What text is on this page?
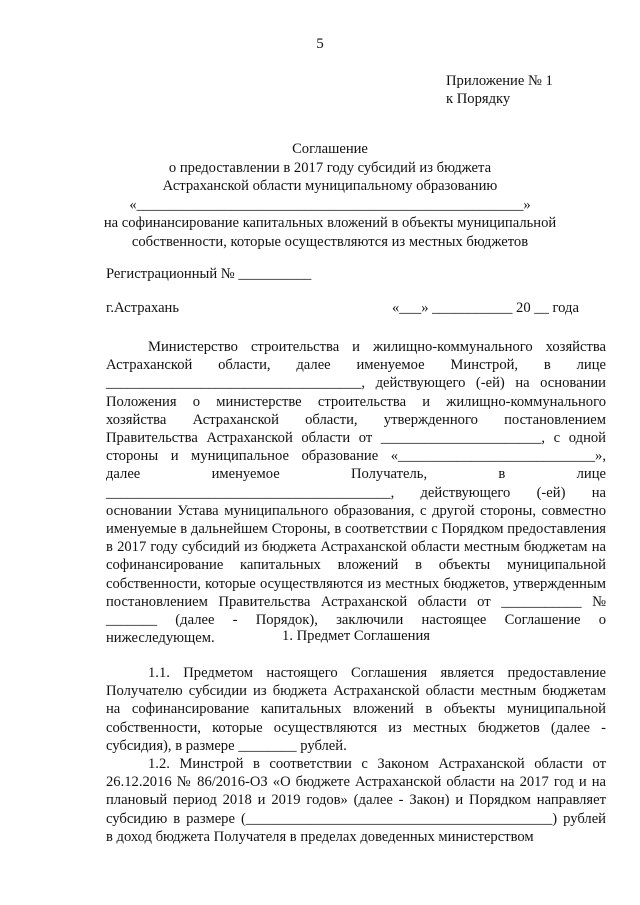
5
Приложение № 1
к Порядку
Соглашение
о предоставлении в 2017 году субсидий из бюджета
Астраханской области муниципальному образованию
«_____________________________________________________»
на софинансирование капитальных вложений в объекты муниципальной
собственности, которые осуществляются из местных бюджетов
Регистрационный № __________
г.Астрахань	«___» ___________ 20 __ года
Министерство строительства и жилищно-коммунального хозяйства Астраханской области, далее именуемое Минстрой, в лице ___________________________________, действующего (-ей) на основании Положения о министерстве строительства и жилищно-коммунального хозяйства Астраханской области, утвержденного постановлением Правительства Астраханской области от ______________________, с одной стороны и муниципальное образование «___________________________», далее именуемое Получатель, в лице _______________________________________, действующего (-ей) на основании Устава муниципального образования, с другой стороны, совместно именуемые в дальнейшем Стороны, в соответствии с Порядком предоставления в 2017 году субсидий из бюджета Астраханской области местным бюджетам на софинансирование капитальных вложений в объекты муниципальной собственности, которые осуществляются из местных бюджетов, утвержденным постановлением Правительства Астраханской области от ___________ № _______ (далее - Порядок), заключили настоящее Соглашение о нижеследующем.	1. Предмет Соглашения
1.1. Предметом настоящего Соглашения является предоставление Получателю субсидии из бюджета Астраханской области местным бюджетам на софинансирование капитальных вложений в объекты муниципальной собственности, которые осуществляются из местных бюджетов (далее - субсидия), в размере ________ рублей.
1.2. Минстрой в соответствии с Законом Астраханской области от 26.12.2016 № 86/2016-ОЗ «О бюджете Астраханской области на 2017 год и на плановый период 2018 и 2019 годов» (далее - Закон) и Порядком направляет субсидию в размере (__________________________________________) рублей в доход бюджета Получателя в пределах доведенных министерством
